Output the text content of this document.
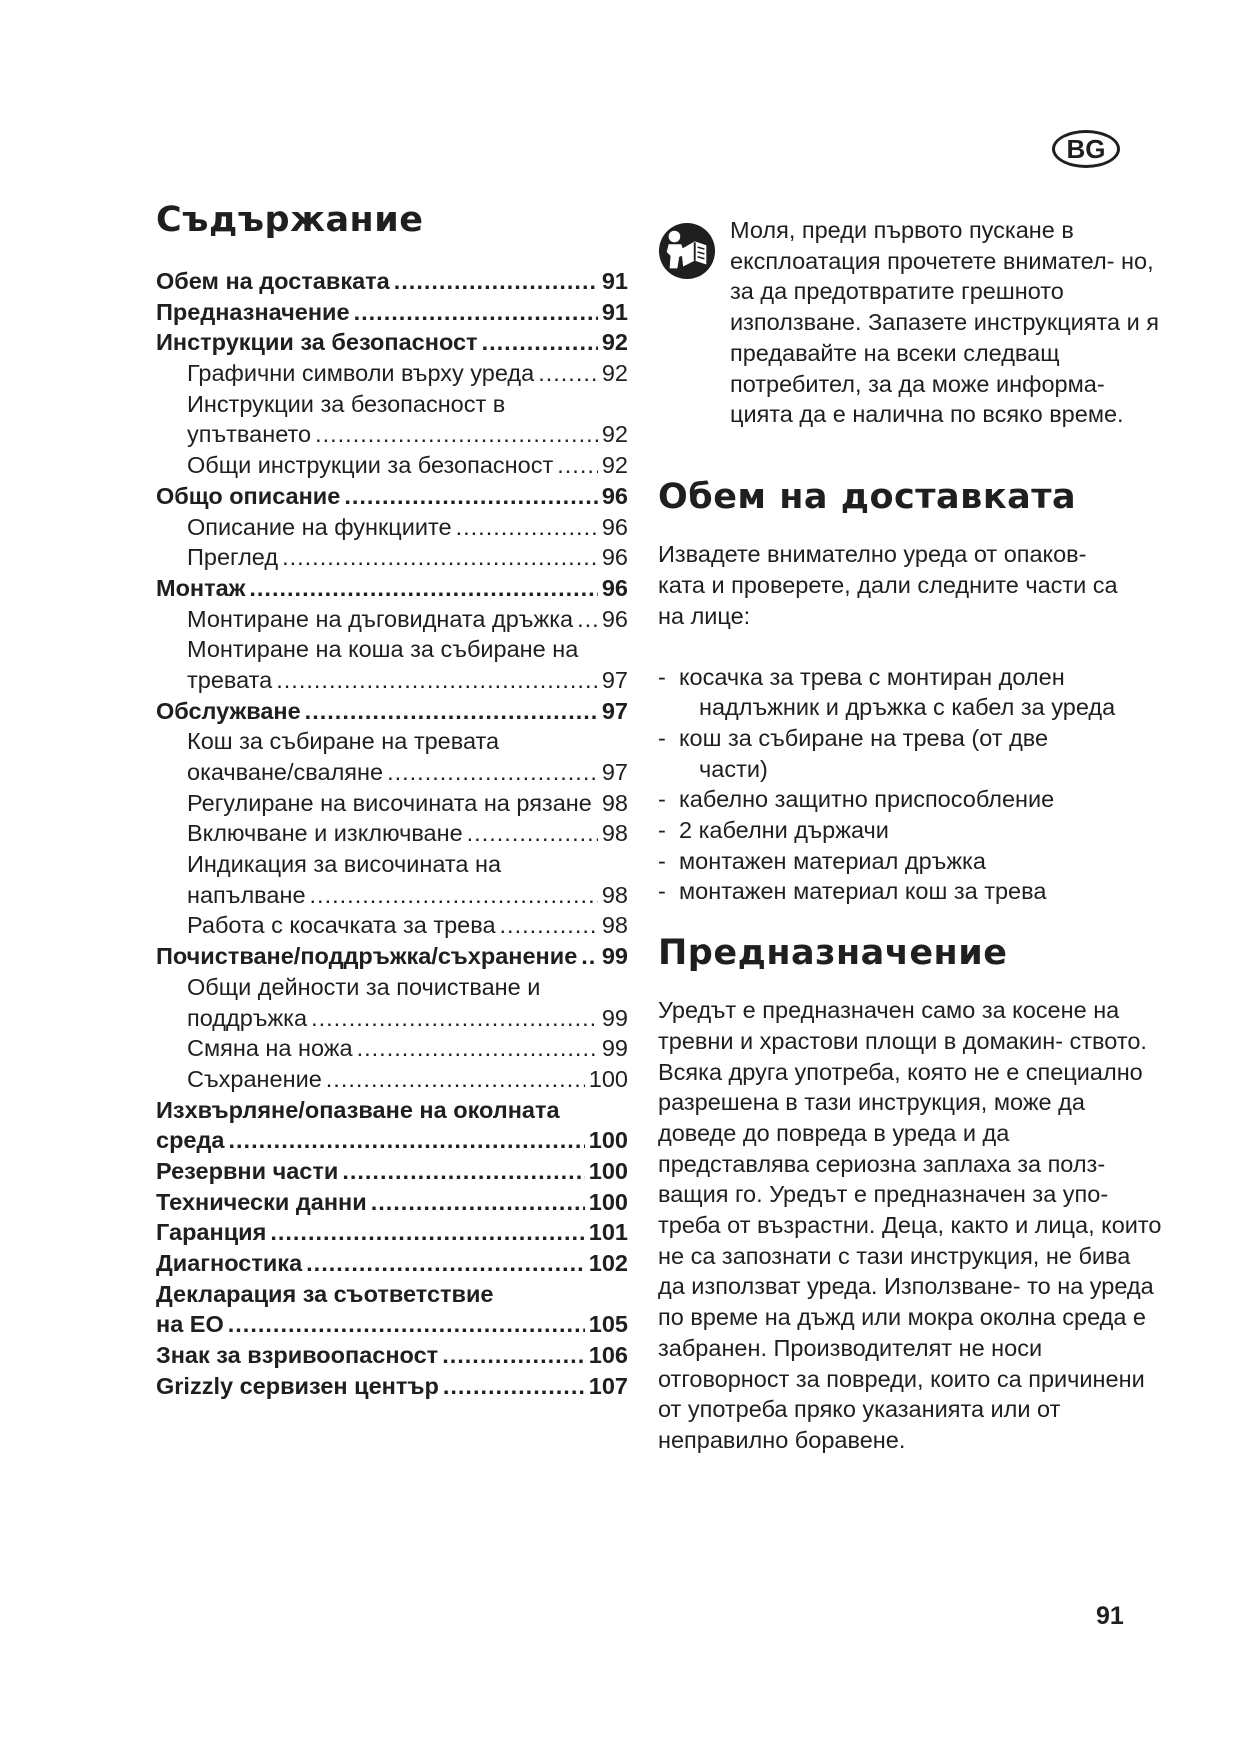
BG
Съдържание
Обем на доставката .....	91
Предназначение .....	91
Инструкции за безопасност .....	92
Графични символи върху уреда .....	92
Инструкции за безопасност в
упътването .....	92
Общи инструкции за безопасност ..... 92
Общо описание .....	96
Описание на функциите .....	96
Преглед .....	96
Монтаж .....	96
Монтиране на дъговидната дръжка ..... 96
Монтиране на коша за събиране на
тревата .....	97
Обслужване .....	97
Кош за събиране на тревата
окачване/сваляне .....	97
Регулиране на височината на рязане ..... 98
Включване и изключване .....	98
Индикация за височината на
напълване .....	98
Работа с косачката за трева .....	98
Почистване/поддръжка/съхранение ..... 99
Общи дейности за почистване и
поддръжка .....	99
Смяна на ножа .....	99
Съхранение .....	100
Изхвърляне/опазване на околната
среда .....	100
Резервни части .....	100
Технически данни .....	100
Гаранция .....	101
Диагностика .....	102
Декларация за съответствие
на ЕО .....	105
Знак за взривоопасност .....	106
Grizzly сервизен център .....	107

Моля, преди първото пускане в експлоатация прочетете внимател- но, за да предотвратите грешното използване. Запазете инструкцията и я предавайте на всеки следващ потребител, за да може информа- цията да е налична по всяко време.

Обем на доставката

Извадете внимателно уреда от опаков- ката и проверете, дали следните части са на лице:

- косачка за трева с монтиран долен
надлъжник и дръжка с кабел за уреда
- кош за събиране на трева (от две
части)
- кабелно защитно приспособление
- 2 кабелни държачи
- монтажен материал дръжка
- монтажен материал кош за трева
Предназначение

Уредът е предназначен само за косене на тревни и храстови площи в домакин- ството. Всяка друга употреба, която не е специално разрешена в тази инструкция, може да доведе до повреда в уреда и да представлява сериозна заплаха за полз- ващия го. Уредът е предназначен за упо- треба от възрастни. Деца, както и лица, които не са запознати с тази инструкция, не бива да използват уреда. Използване- то на уреда по време на дъжд или мокра околна среда е забранен. Производителят не носи отговорност за повреди, които са причинени от употреба пряко указанията или от неправилно боравене.

91
